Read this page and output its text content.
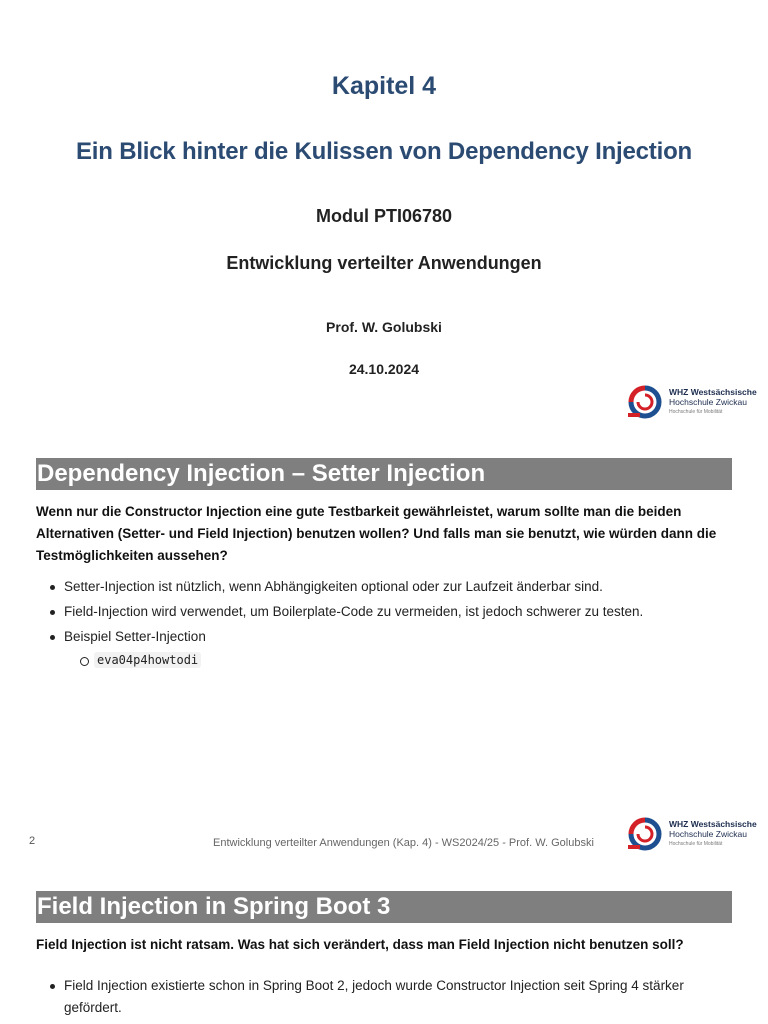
Kapitel 4
Ein Blick hinter die Kulissen von Dependency Injection
Modul PTI06780
Entwicklung verteilter Anwendungen
Prof. W. Golubski
24.10.2024
WHZ Westsächsische
Hochschule Zwickau
Hochschule für Mobilität
Dependency Injection – Setter Injection

Wenn nur die Constructor Injection eine gute Testbarkeit gewährleistet, warum sollte man die beiden Alternativen (Setter- und Field Injection) benutzen wollen? Und falls man sie benutzt, wie würden dann die Testmöglichkeiten aussehen?

Setter-Injection ist nützlich, wenn Abhängigkeiten optional oder zur Laufzeit änderbar sind.
Field-Injection wird verwendet, um Boilerplate-Code zu vermeiden, ist jedoch schwerer zu testen.
Beispiel Setter-Injection
eva04p4howtodi
2	Entwicklung verteilter Anwendungen (Kap. 4) - WS2024/25 - Prof. W. Golubski
WHZ Westsächsische
Hochschule Zwickau
Hochschule für Mobilität
Field Injection in Spring Boot 3

Field Injection ist nicht ratsam. Was hat sich verändert, dass man Field Injection nicht benutzen soll?

Field Injection existierte schon in Spring Boot 2, jedoch wurde Constructor Injection seit Spring 4 stärker gefördert.
